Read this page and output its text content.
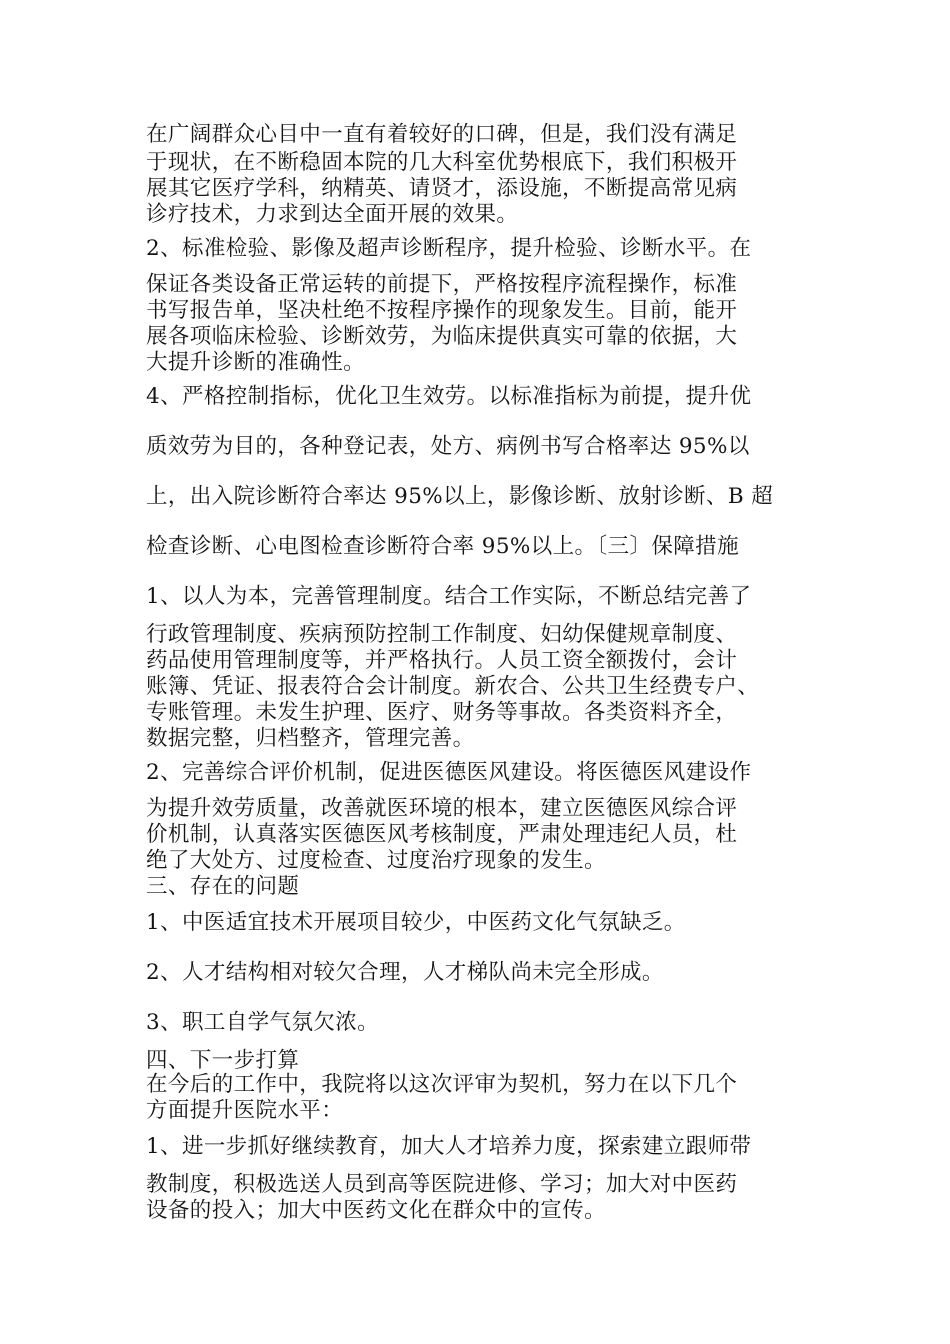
在广阔群众心目中一直有着较好的口碑，但是，我们没有满足
于现状，在不断稳固本院的几大科室优势根底下，我们积极开
展其它医疗学科，纳精英、请贤才，添设施，不断提高常见病
诊疗技术，力求到达全面开展的效果。
2、标准检验、影像及超声诊断程序，提升检验、诊断水平。在
保证各类设备正常运转的前提下，严格按程序流程操作，标准
书写报告单，坚决杜绝不按程序操作的现象发生。目前，能开
展各项临床检验、诊断效劳，为临床提供真实可靠的依据，大
大提升诊断的准确性。
4、严格控制指标，优化卫生效劳。以标准指标为前提，提升优
质效劳为目的，各种登记表，处方、病例书写合格率达 95%以
上，出入院诊断符合率达 95%以上，影像诊断、放射诊断、B 超
检查诊断、心电图检查诊断符合率 95%以上。〔三〕保障措施
1、以人为本，完善管理制度。结合工作实际，不断总结完善了
行政管理制度、疾病预防控制工作制度、妇幼保健规章制度、
药品使用管理制度等，并严格执行。人员工资全额拨付，会计
账簿、凭证、报表符合会计制度。新农合、公共卫生经费专户、
专账管理。未发生护理、医疗、财务等事故。各类资料齐全，
数据完整，归档整齐，管理完善。
2、完善综合评价机制，促进医德医风建设。将医德医风建设作
为提升效劳质量，改善就医环境的根本，建立医德医风综合评
价机制，认真落实医德医风考核制度，严肃处理违纪人员，杜
绝了大处方、过度检查、过度治疗现象的发生。
三、存在的问题
1、中医适宜技术开展项目较少，中医药文化气氛缺乏。
2、人才结构相对较欠合理，人才梯队尚未完全形成。
3、职工自学气氛欠浓。
四、下一步打算
在今后的工作中，我院将以这次评审为契机，努力在以下几个
方面提升医院水平：
1、进一步抓好继续教育，加大人才培养力度，探索建立跟师带
教制度，积极选送人员到高等医院进修、学习；加大对中医药
设备的投入；加大中医药文化在群众中的宣传。
